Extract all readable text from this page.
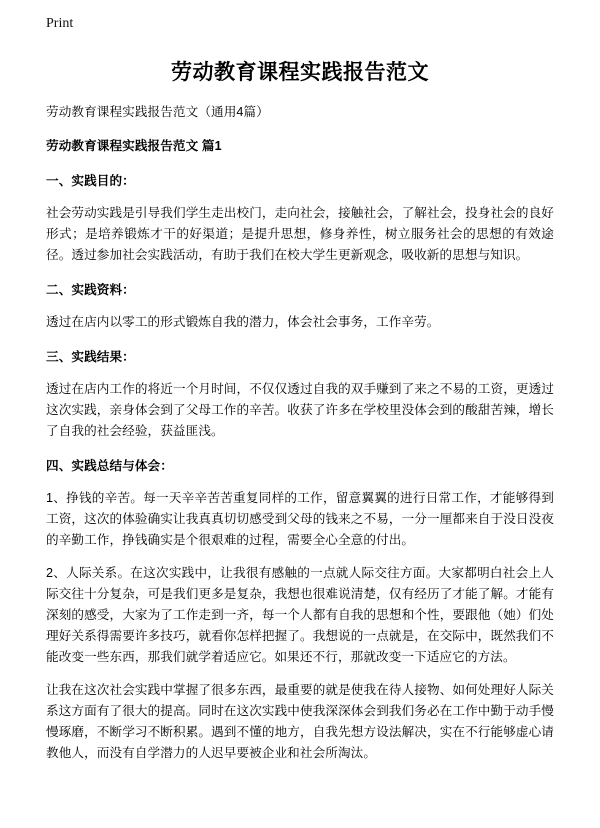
Print
劳动教育课程实践报告范文

劳动教育课程实践报告范文（通用4篇）

劳动教育课程实践报告范文 篇1

一、实践目的：

社会劳动实践是引导我们学生走出校门，走向社会，接触社会，了解社会，投身社会的良好形式；是培养锻炼才干的好渠道；是提升思想，修身养性，树立服务社会的思想的有效途径。透过参加社会实践活动，有助于我们在校大学生更新观念，吸收新的思想与知识。

二、实践资料：

透过在店内以零工的形式锻炼自我的潜力，体会社会事务，工作辛劳。

三、实践结果：

透过在店内工作的将近一个月时间，不仅仅透过自我的双手赚到了来之不易的工资，更透过这次实践，亲身体会到了父母工作的辛苦。收获了许多在学校里没体会到的酸甜苦辣，增长了自我的社会经验，获益匪浅。

四、实践总结与体会：

1、挣钱的辛苦。每一天辛辛苦苦重复同样的工作，留意翼翼的进行日常工作，才能够得到工资，这次的体验确实让我真真切切感受到父母的钱来之不易，一分一厘都来自于没日没夜的辛勤工作，挣钱确实是个很艰难的过程，需要全心全意的付出。

2、人际关系。在这次实践中，让我很有感触的一点就人际交往方面。大家都明白社会上人际交往十分复杂，可是我们更多是复杂，我想也很难说清楚，仅有经历了才能了解。才能有深刻的感受，大家为了工作走到一齐，每一个人都有自我的思想和个性，要跟他（她）们处理好关系得需要许多技巧，就看你怎样把握了。我想说的一点就是，在交际中，既然我们不能改变一些东西，那我们就学着适应它。如果还不行，那就改变一下适应它的方法。

让我在这次社会实践中掌握了很多东西，最重要的就是使我在待人接物、如何处理好人际关系这方面有了很大的提高。同时在这次实践中使我深深体会到我们务必在工作中勤于动手慢慢琢磨，不断学习不断积累。遇到不懂的地方，自我先想方设法解决，实在不行能够虚心请教他人，而没有自学潜力的人迟早要被企业和社会所淘汰。
